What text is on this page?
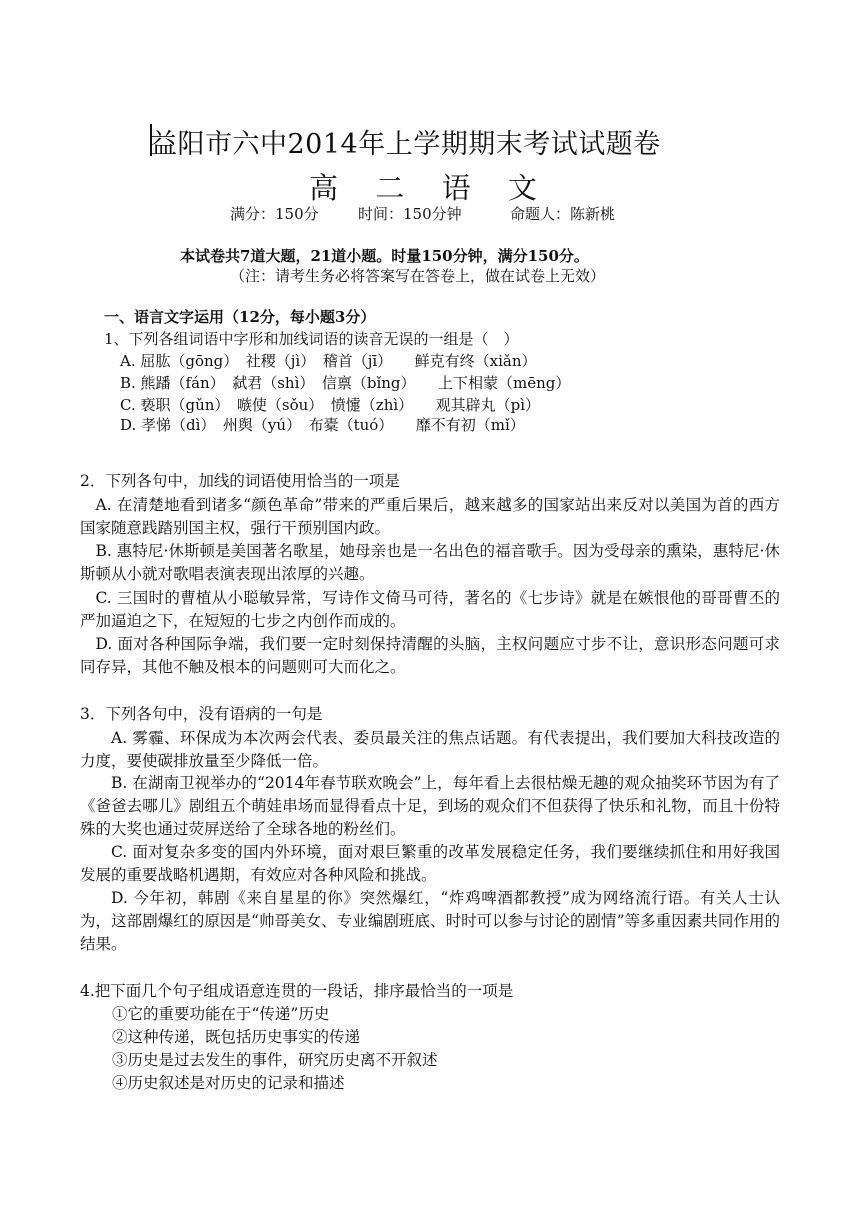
益阳市六中2014年上学期期末考试试题卷
高 二 语 文
满分：150分	时间：150分钟	命题人：陈新桃
本试卷共7道大题，21道小题。时量150分钟，满分150分。
（注：请考生务必将答案写在答卷上，做在试卷上无效）
一、语言文字运用（12分，每小题3分）
1、下列各组词语中字形和加线词语的读音无误的一组是（　）
A. 屈肱（gōng）　社稷（jì）　稽首（jī）　　鲜克有终（xiǎn）
B. 熊蹯（fán）　弑君（shì）　信禀（bǐng）　　上下相蒙（mēng）
C. 亵职（gǔn）　嗾使（sǒu）　愤懥（zhì）　　观其辟丸（pì）
D. 孝悌（dì）　州舆（yú）　布橐（tuó）　　靡不有初（mǐ）
2．下列各句中，加线的词语使用恰当的一项是
A. 在清楚地看到诸多“颜色革命”带来的严重后果后，越来越多的国家站出来反对以美国为首的西方国家随意践踏别国主权，强行干预别国内政。
B. 惠特尼·休斯顿是美国著名歌星，她母亲也是一名出色的福音歌手。因为受母亲的熏染，惠特尼·休斯顿从小就对歌唱表演表现出浓厚的兴趣。
C. 三国时的曹植从小聪敏异常，写诗作文倚马可待，著名的《七步诗》就是在嫉恨他的哥哥曹丕的严加逼迫之下，在短短的七步之内创作而成的。
D. 面对各种国际争端，我们要一定时刻保持清醒的头脑，主权问题应寸步不让，意识形态问题可求同存异，其他不触及根本的问题则可大而化之。
3．下列各句中，没有语病的一句是
A. 雾霾、环保成为本次两会代表、委员最关注的焦点话题。有代表提出，我们要加大科技改造的力度，要使碳排放量至少降低一倍。
B. 在湖南卫视举办的“2014年春节联欢晚会”上，每年看上去很枯燥无趣的观众抽奖环节因为有了《爸爸去哪儿》剧组五个萌娃串场而显得看点十足，到场的观众们不但获得了快乐和礼物，而且十份特殊的大奖也通过荧屏送给了全球各地的粉丝们。
C. 面对复杂多变的国内外环境，面对艰巨繁重的改革发展稳定任务，我们要继续抓住和用好我国发展的重要战略机遇期，有效应对各种风险和挑战。
D. 今年初，韩剧《来自星星的你》突然爆红，“炸鸡啤酒都教授”成为网络流行语。有关人士认为，这部剧爆红的原因是“帅哥美女、专业编剧班底、时时可以参与讨论的剧情”等多重因素共同作用的结果。
4.把下面几个句子组成语意连贯的一段话，排序最恰当的一项是
①它的重要功能在于“传递”历史
②这种传递，既包括历史事实的传递
③历史是过去发生的事件，研究历史离不开叙述
④历史叙述是对历史的记录和描述
